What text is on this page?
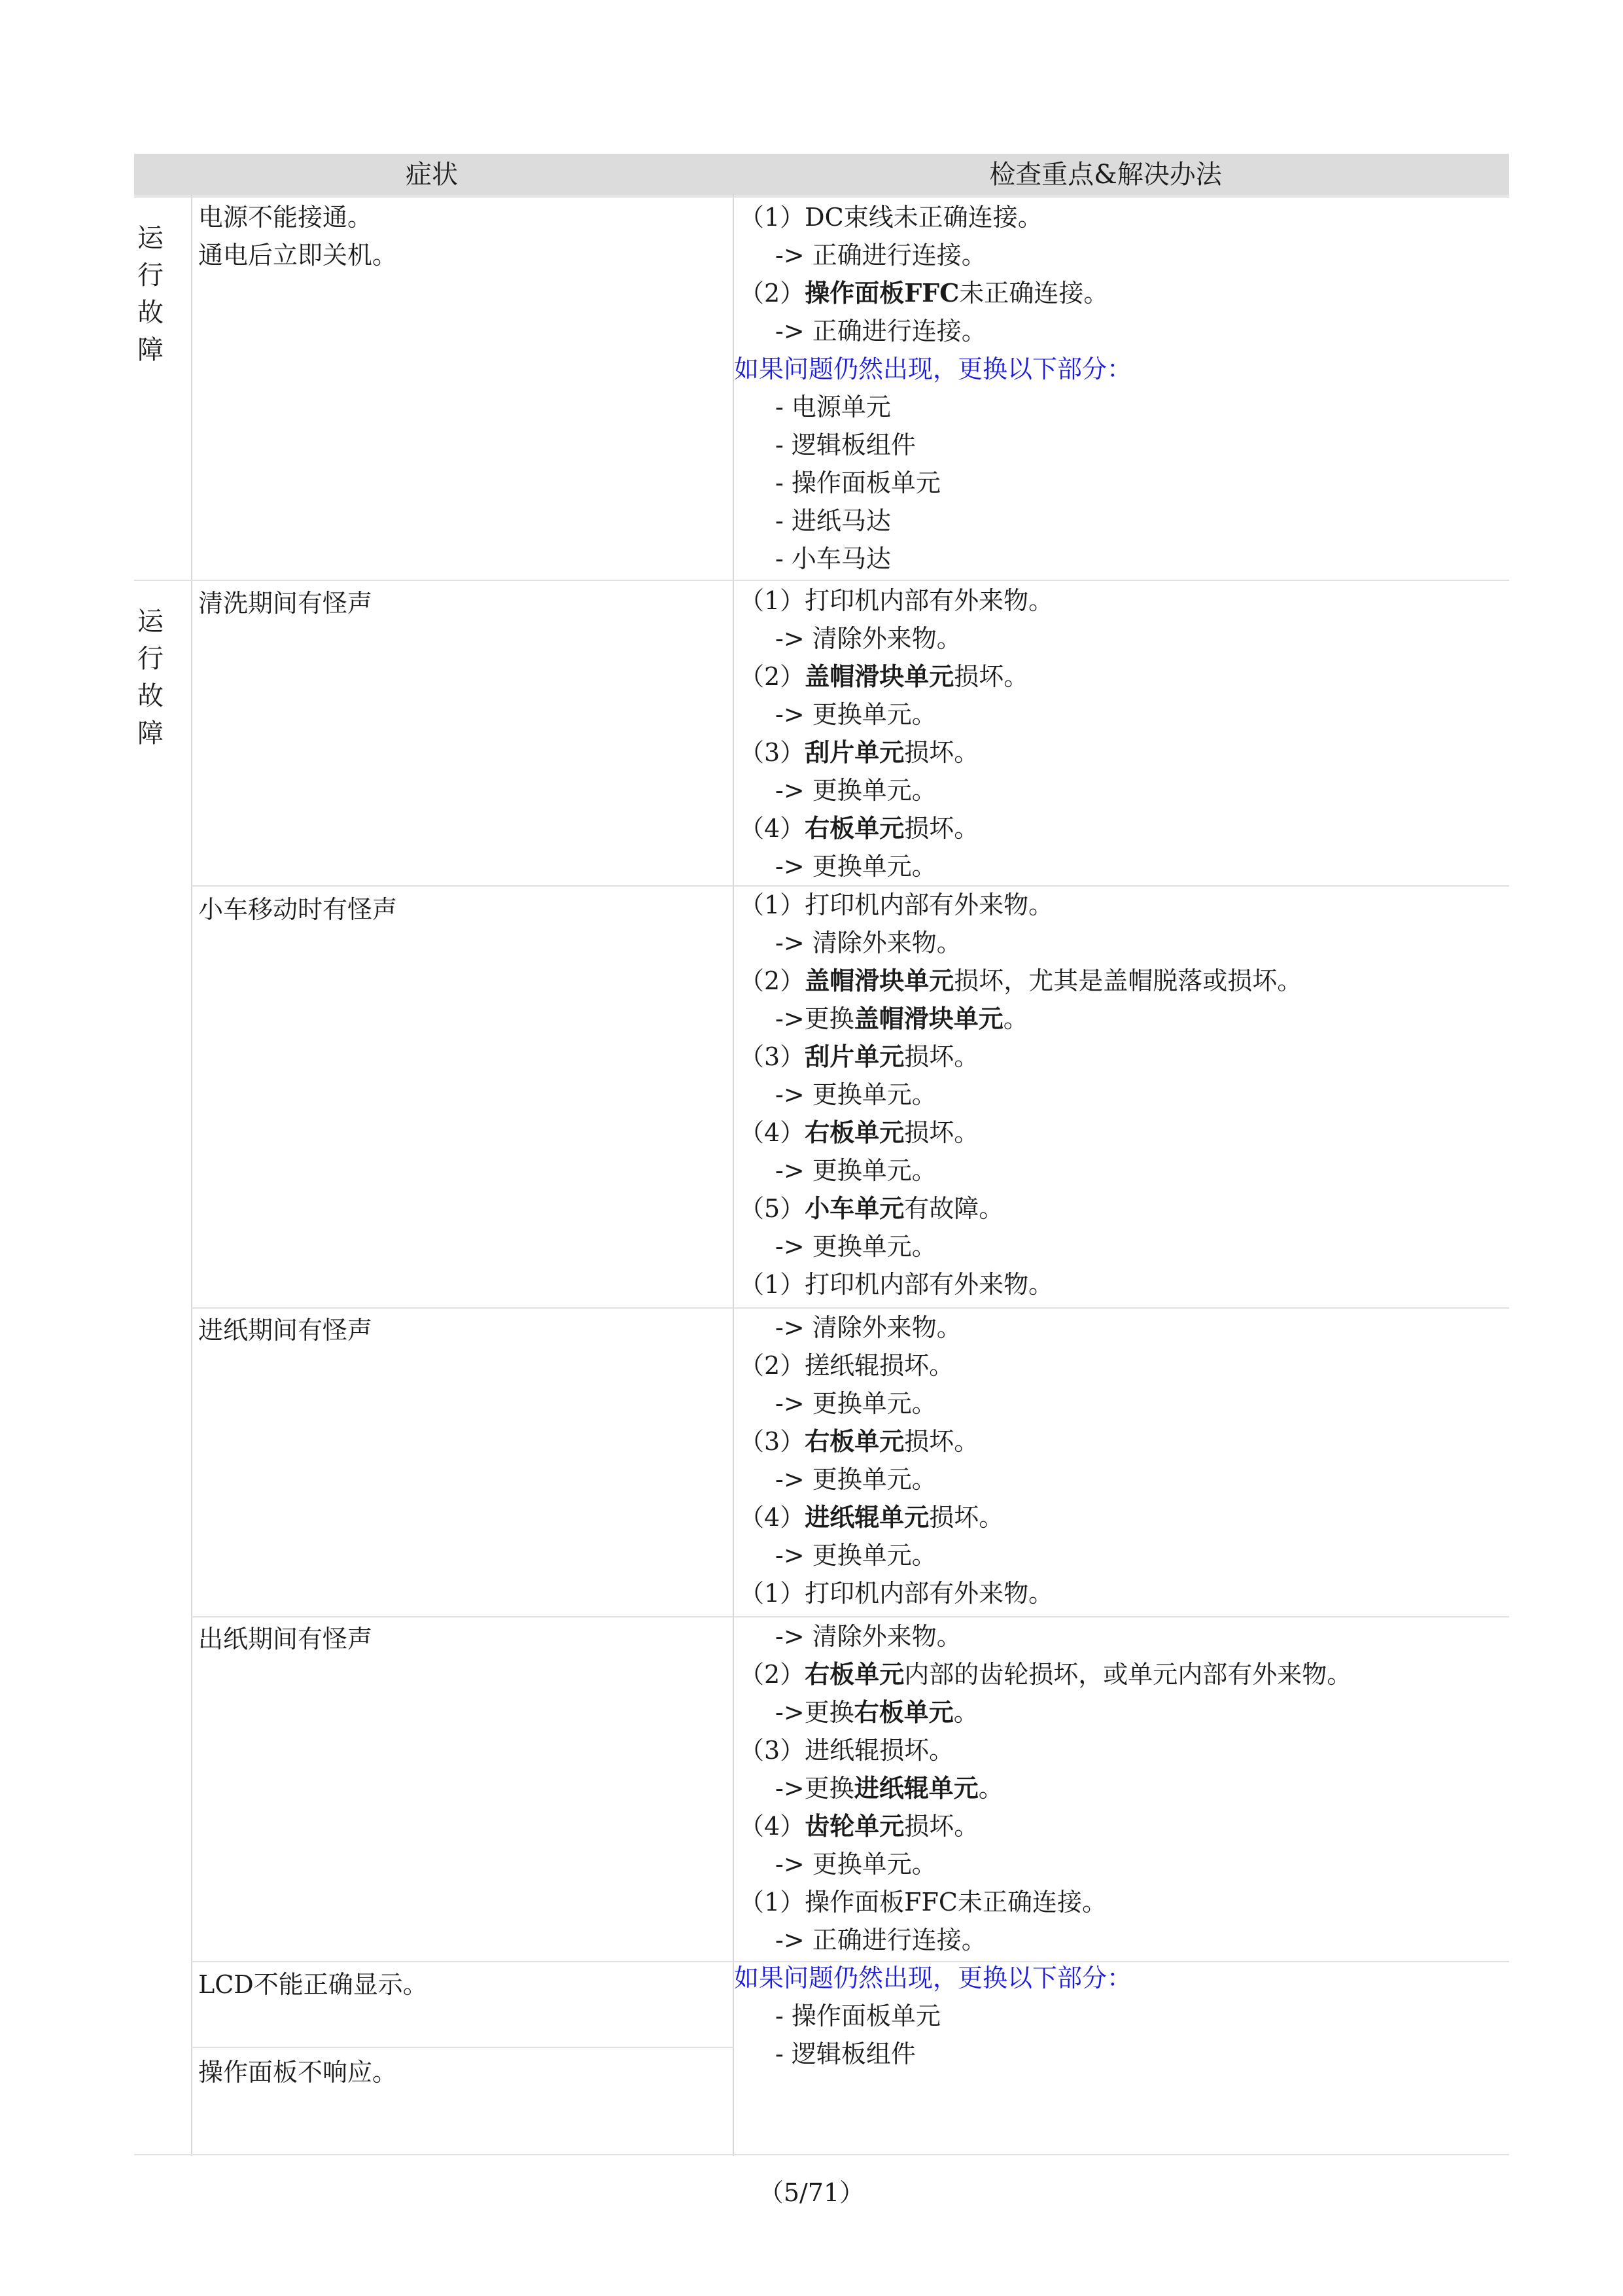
症状	检查重点&解决办法
运
行
故
障
运
行
故
障
电源不能接通。
通电后立即关机。
清洗期间有怪声
小车移动时有怪声
进纸期间有怪声
出纸期间有怪声
LCD不能正确显示。
操作面板不响应。
（1）DC束线未正确连接。
-> 正确进行连接。
（2）操作面板FFC未正确连接。
-> 正确进行连接。
如果问题仍然出现，更换以下部分：
- 电源单元
- 逻辑板组件
- 操作面板单元
- 进纸马达
- 小车马达
（1）打印机内部有外来物。
-> 清除外来物。
（2）盖帽滑块单元损坏。
-> 更换单元。
（3）刮片单元损坏。
-> 更换单元。
（4）右板单元损坏。
-> 更换单元。
（1）打印机内部有外来物。
-> 清除外来物。
（2）盖帽滑块单元损坏，尤其是盖帽脱落或损坏。
->更换盖帽滑块单元。
（3）刮片单元损坏。
-> 更换单元。
（4）右板单元损坏。
-> 更换单元。
（5）小车单元有故障。
-> 更换单元。
（1）打印机内部有外来物。
-> 清除外来物。
（2）搓纸辊损坏。
-> 更换单元。
（3）右板单元损坏。
-> 更换单元。
（4）进纸辊单元损坏。
-> 更换单元。
（1）打印机内部有外来物。
-> 清除外来物。
（2）右板单元内部的齿轮损坏，或单元内部有外来物。
->更换右板单元。
（3）进纸辊损坏。
->更换进纸辊单元。
（4）齿轮单元损坏。
-> 更换单元。
（1）操作面板FFC未正确连接。
-> 正确进行连接。
如果问题仍然出现，更换以下部分：
- 操作面板单元
- 逻辑板组件
（5/71）
